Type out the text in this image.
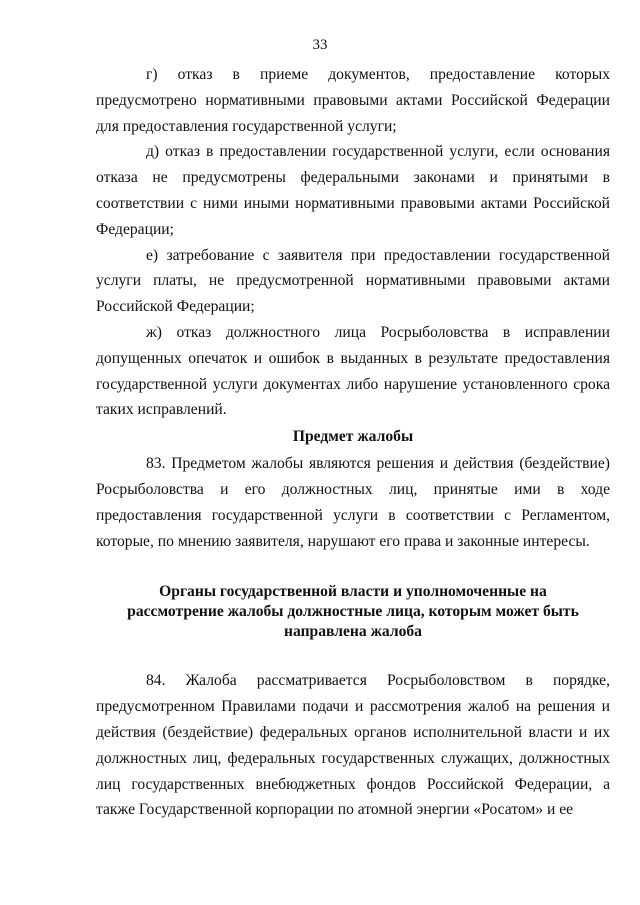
33

г) отказ в приеме документов, предоставление которых предусмотрено нормативными правовыми актами Российской Федерации для предоставления государственной услуги;

д) отказ в предоставлении государственной услуги, если основания отказа не предусмотрены федеральными законами и принятыми в соответствии с ними иными нормативными правовыми актами Российской Федерации;

е) затребование с заявителя при предоставлении государственной услуги платы, не предусмотренной нормативными правовыми актами Российской Федерации;

ж) отказ должностного лица Росрыболовства в исправлении допущенных опечаток и ошибок в выданных в результате предоставления государственной услуги документах либо нарушение установленного срока таких исправлений.

Предмет жалобы

83. Предметом жалобы являются решения и действия (бездействие) Росрыболовства и его должностных лиц, принятые ими в ходе предоставления государственной услуги в соответствии с Регламентом, которые, по мнению заявителя, нарушают его права и законные интересы.

Органы государственной власти и уполномоченные на рассмотрение жалобы должностные лица, которым может быть направлена жалоба

84. Жалоба рассматривается Росрыболовством в порядке, предусмотренном Правилами подачи и рассмотрения жалоб на решения и действия (бездействие) федеральных органов исполнительной власти и их должностных лиц, федеральных государственных служащих, должностных лиц государственных внебюджетных фондов Российской Федерации, а также Государственной корпорации по атомной энергии «Росатом» и ее
